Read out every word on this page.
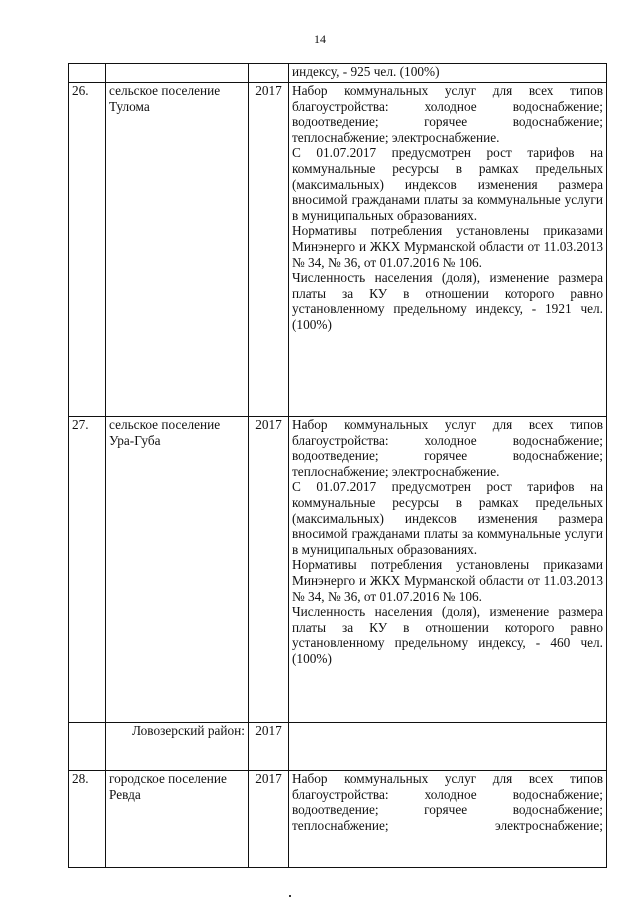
14

			индексу, - 925 чел. (100%)

26.	сельское поселение Тулома	2017	Набор коммунальных услуг для всех типов благоустройства: холодное водоснабжение; водоотведение; горячее водоснабжение; теплоснабжение; электроснабжение.

С 01.07.2017 предусмотрен рост тарифов на коммунальные ресурсы в рамках предельных (максимальных) индексов изменения размера вносимой гражданами платы за коммунальные услуги в муниципальных образованиях.

Нормативы потребления установлены приказами Минэнерго и ЖКХ Мурманской области от 11.03.2013 № 34, № 36, от 01.07.2016 № 106.

Численность населения (доля), изменение размера платы за КУ в отношении которого равно установленному предельному индексу, - 1921 чел. (100%)

27.	сельское поселение Ура-Губа	2017	Набор коммунальных услуг для всех типов благоустройства: холодное водоснабжение; водоотведение; горячее водоснабжение; теплоснабжение; электроснабжение.

С 01.07.2017 предусмотрен рост тарифов на коммунальные ресурсы в рамках предельных (максимальных) индексов изменения размера вносимой гражданами платы за коммунальные услуги в муниципальных образованиях.

Нормативы потребления установлены приказами Минэнерго и ЖКХ Мурманской области от 11.03.2013 № 34, № 36, от 01.07.2016 № 106.

Численность населения (доля), изменение размера платы за КУ в отношении которого равно установленному предельному индексу, - 460 чел. (100%)

	Ловозерский район:	2017	

28.	городское поселение Ревда	2017	Набор коммунальных услуг для всех типов благоустройства: холодное водоснабжение; водоотведение; горячее водоснабжение; теплоснабжение; электроснабжение;
